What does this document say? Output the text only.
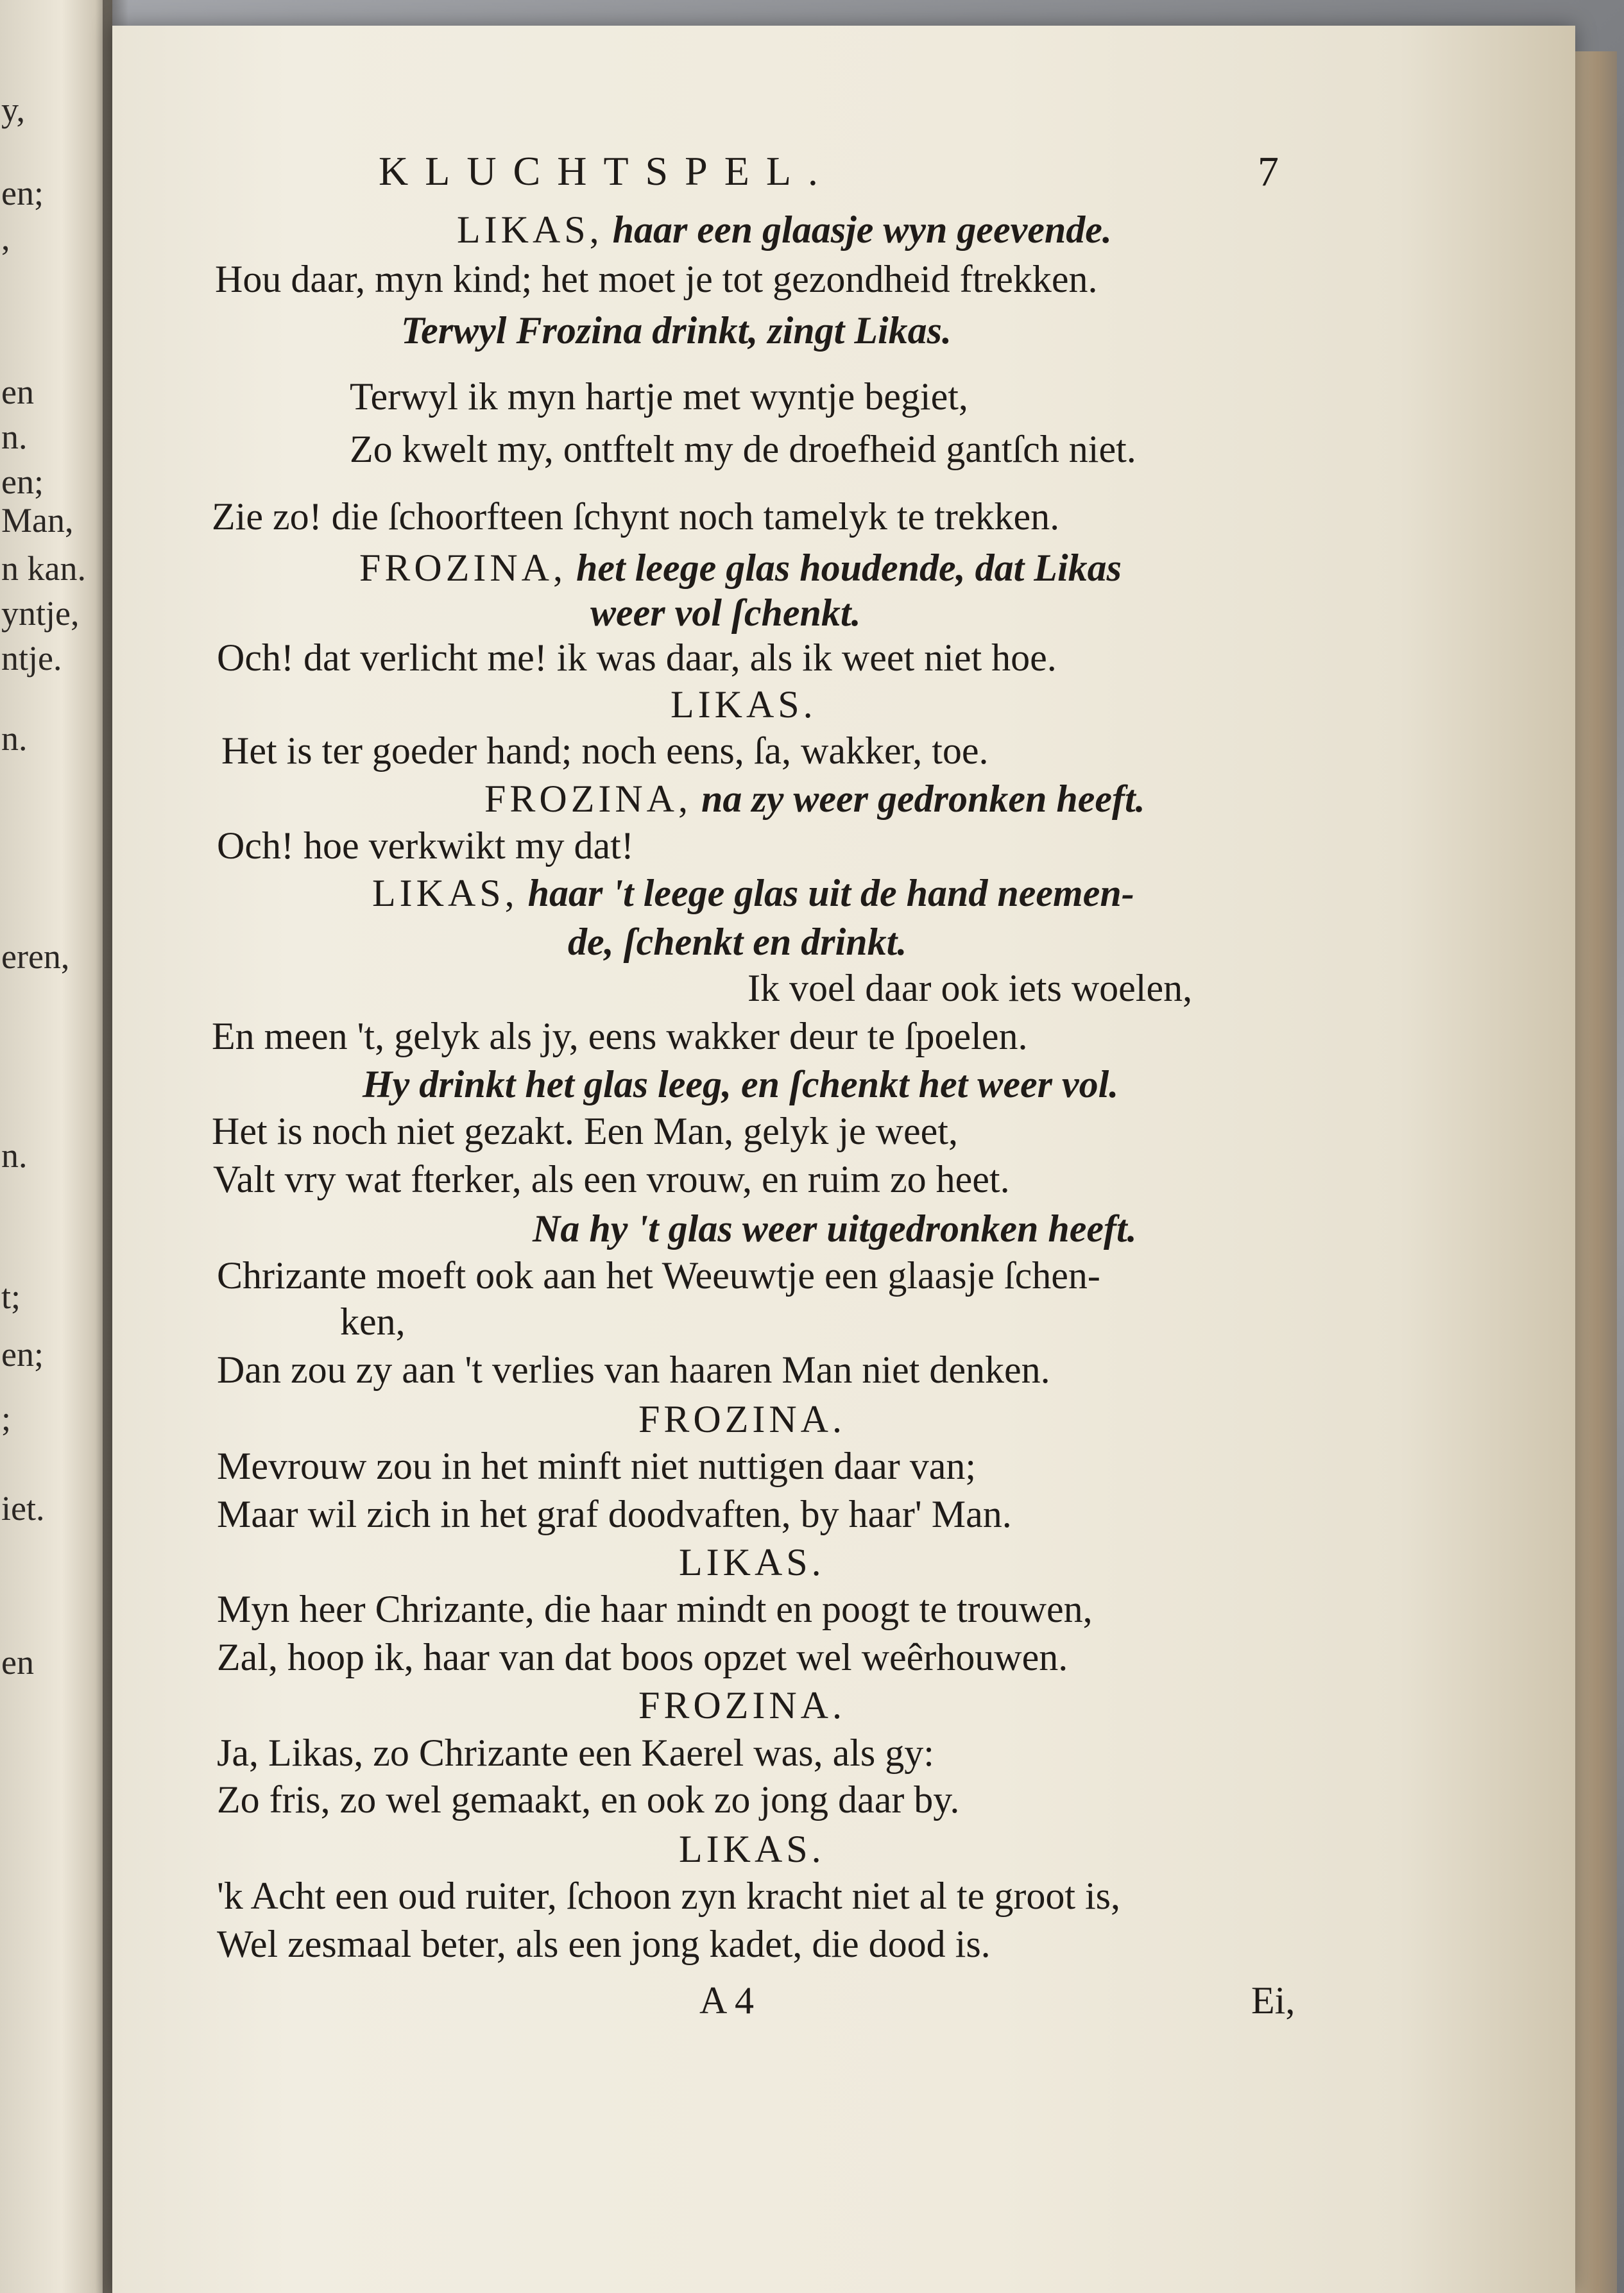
y,
en;
,
en
n.
en;
Man,
n kan.
yntje,
ntje.
n.
eren,
n.
t;
en;
;
iet.
en
KLUCHTSPEL.	7
LIKAS, haar een glaasje wyn geevende.
Hou daar, myn kind; het moet je tot gezondheid ftrekken.
Terwyl Frozina drinkt, zingt Likas.
Terwyl ik myn hartje met wyntje begiet,
Zo kwelt my, ontftelt my de droefheid gantſch niet.
Zie zo! die ſchoorfteen ſchynt noch tamelyk te trekken.
FROZINA, het leege glas houdende, dat Likas
weer vol ſchenkt.
Och! dat verlicht me! ik was daar, als ik weet niet hoe.
LIKAS.
Het is ter goeder hand; noch eens, ſa, wakker, toe.
FROZINA, na zy weer gedronken heeft.
Och! hoe verkwikt my dat!
LIKAS, haar 't leege glas uit de hand neemen-
de, ſchenkt en drinkt.
Ik voel daar ook iets woelen,
En meen 't, gelyk als jy, eens wakker deur te ſpoelen.
Hy drinkt het glas leeg, en ſchenkt het weer vol.
Het is noch niet gezakt. Een Man, gelyk je weet,
Valt vry wat fterker, als een vrouw, en ruim zo heet.
Na hy 't glas weer uitgedronken heeft.
Chrizante moeft ook aan het Weeuwtje een glaasje ſchen-
ken,
Dan zou zy aan 't verlies van haaren Man niet denken.
FROZINA.
Mevrouw zou in het minft niet nuttigen daar van;
Maar wil zich in het graf doodvaften, by haar' Man.
LIKAS.
Myn heer Chrizante, die haar mindt en poogt te trouwen,
Zal, hoop ik, haar van dat boos opzet wel weêrhouwen.
FROZINA.
Ja, Likas, zo Chrizante een Kaerel was, als gy:
Zo fris, zo wel gemaakt, en ook zo jong daar by.
LIKAS.
'k Acht een oud ruiter, ſchoon zyn kracht niet al te groot is,
Wel zesmaal beter, als een jong kadet, die dood is.
A 4	Ei,
